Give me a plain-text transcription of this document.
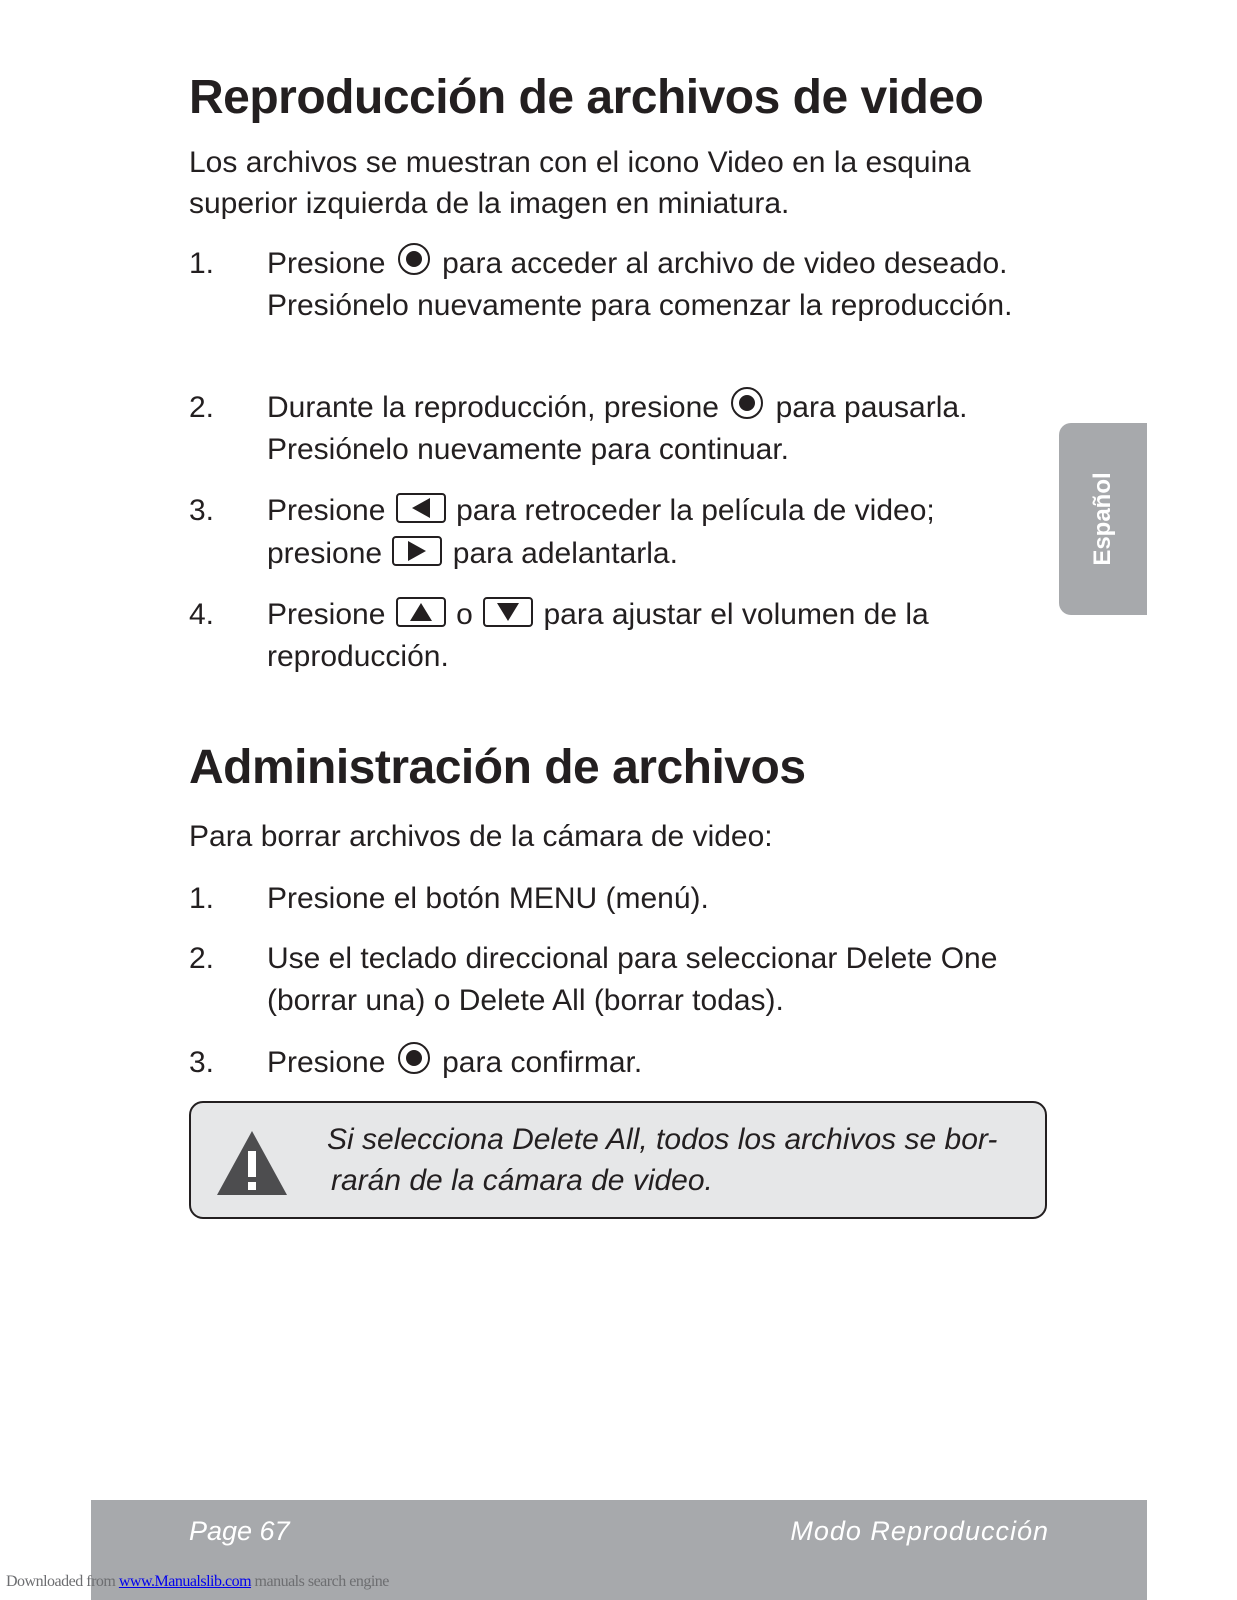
Reproducción de archivos de video
Los archivos se muestran con el icono Video en la esquina superior izquierda de la imagen en miniatura.
1.	Presione para acceder al archivo de video deseado. Presiónelo nuevamente para comenzar la reproducción.
2.	Durante la reproducción, presione para pausarla. Presiónelo nuevamente para continuar.
3.	Presione para retroceder la película de video;
presione para adelantarla.
4.	Presione o para ajustar el volumen de la reproducción.
Administración de archivos
Para borrar archivos de la cámara de video:
1.	Presione el botón MENU (menú).
2.	Use el teclado direccional para seleccionar Delete One (borrar una) o Delete All (borrar todas).
3.	Presione para confirmar.
Si selecciona Delete All, todos los archivos se bor-
rarán de la cámara de video.
Español
Page 67	Modo Reproducción
Downloaded from www.Manualslib.com manuals search engine
